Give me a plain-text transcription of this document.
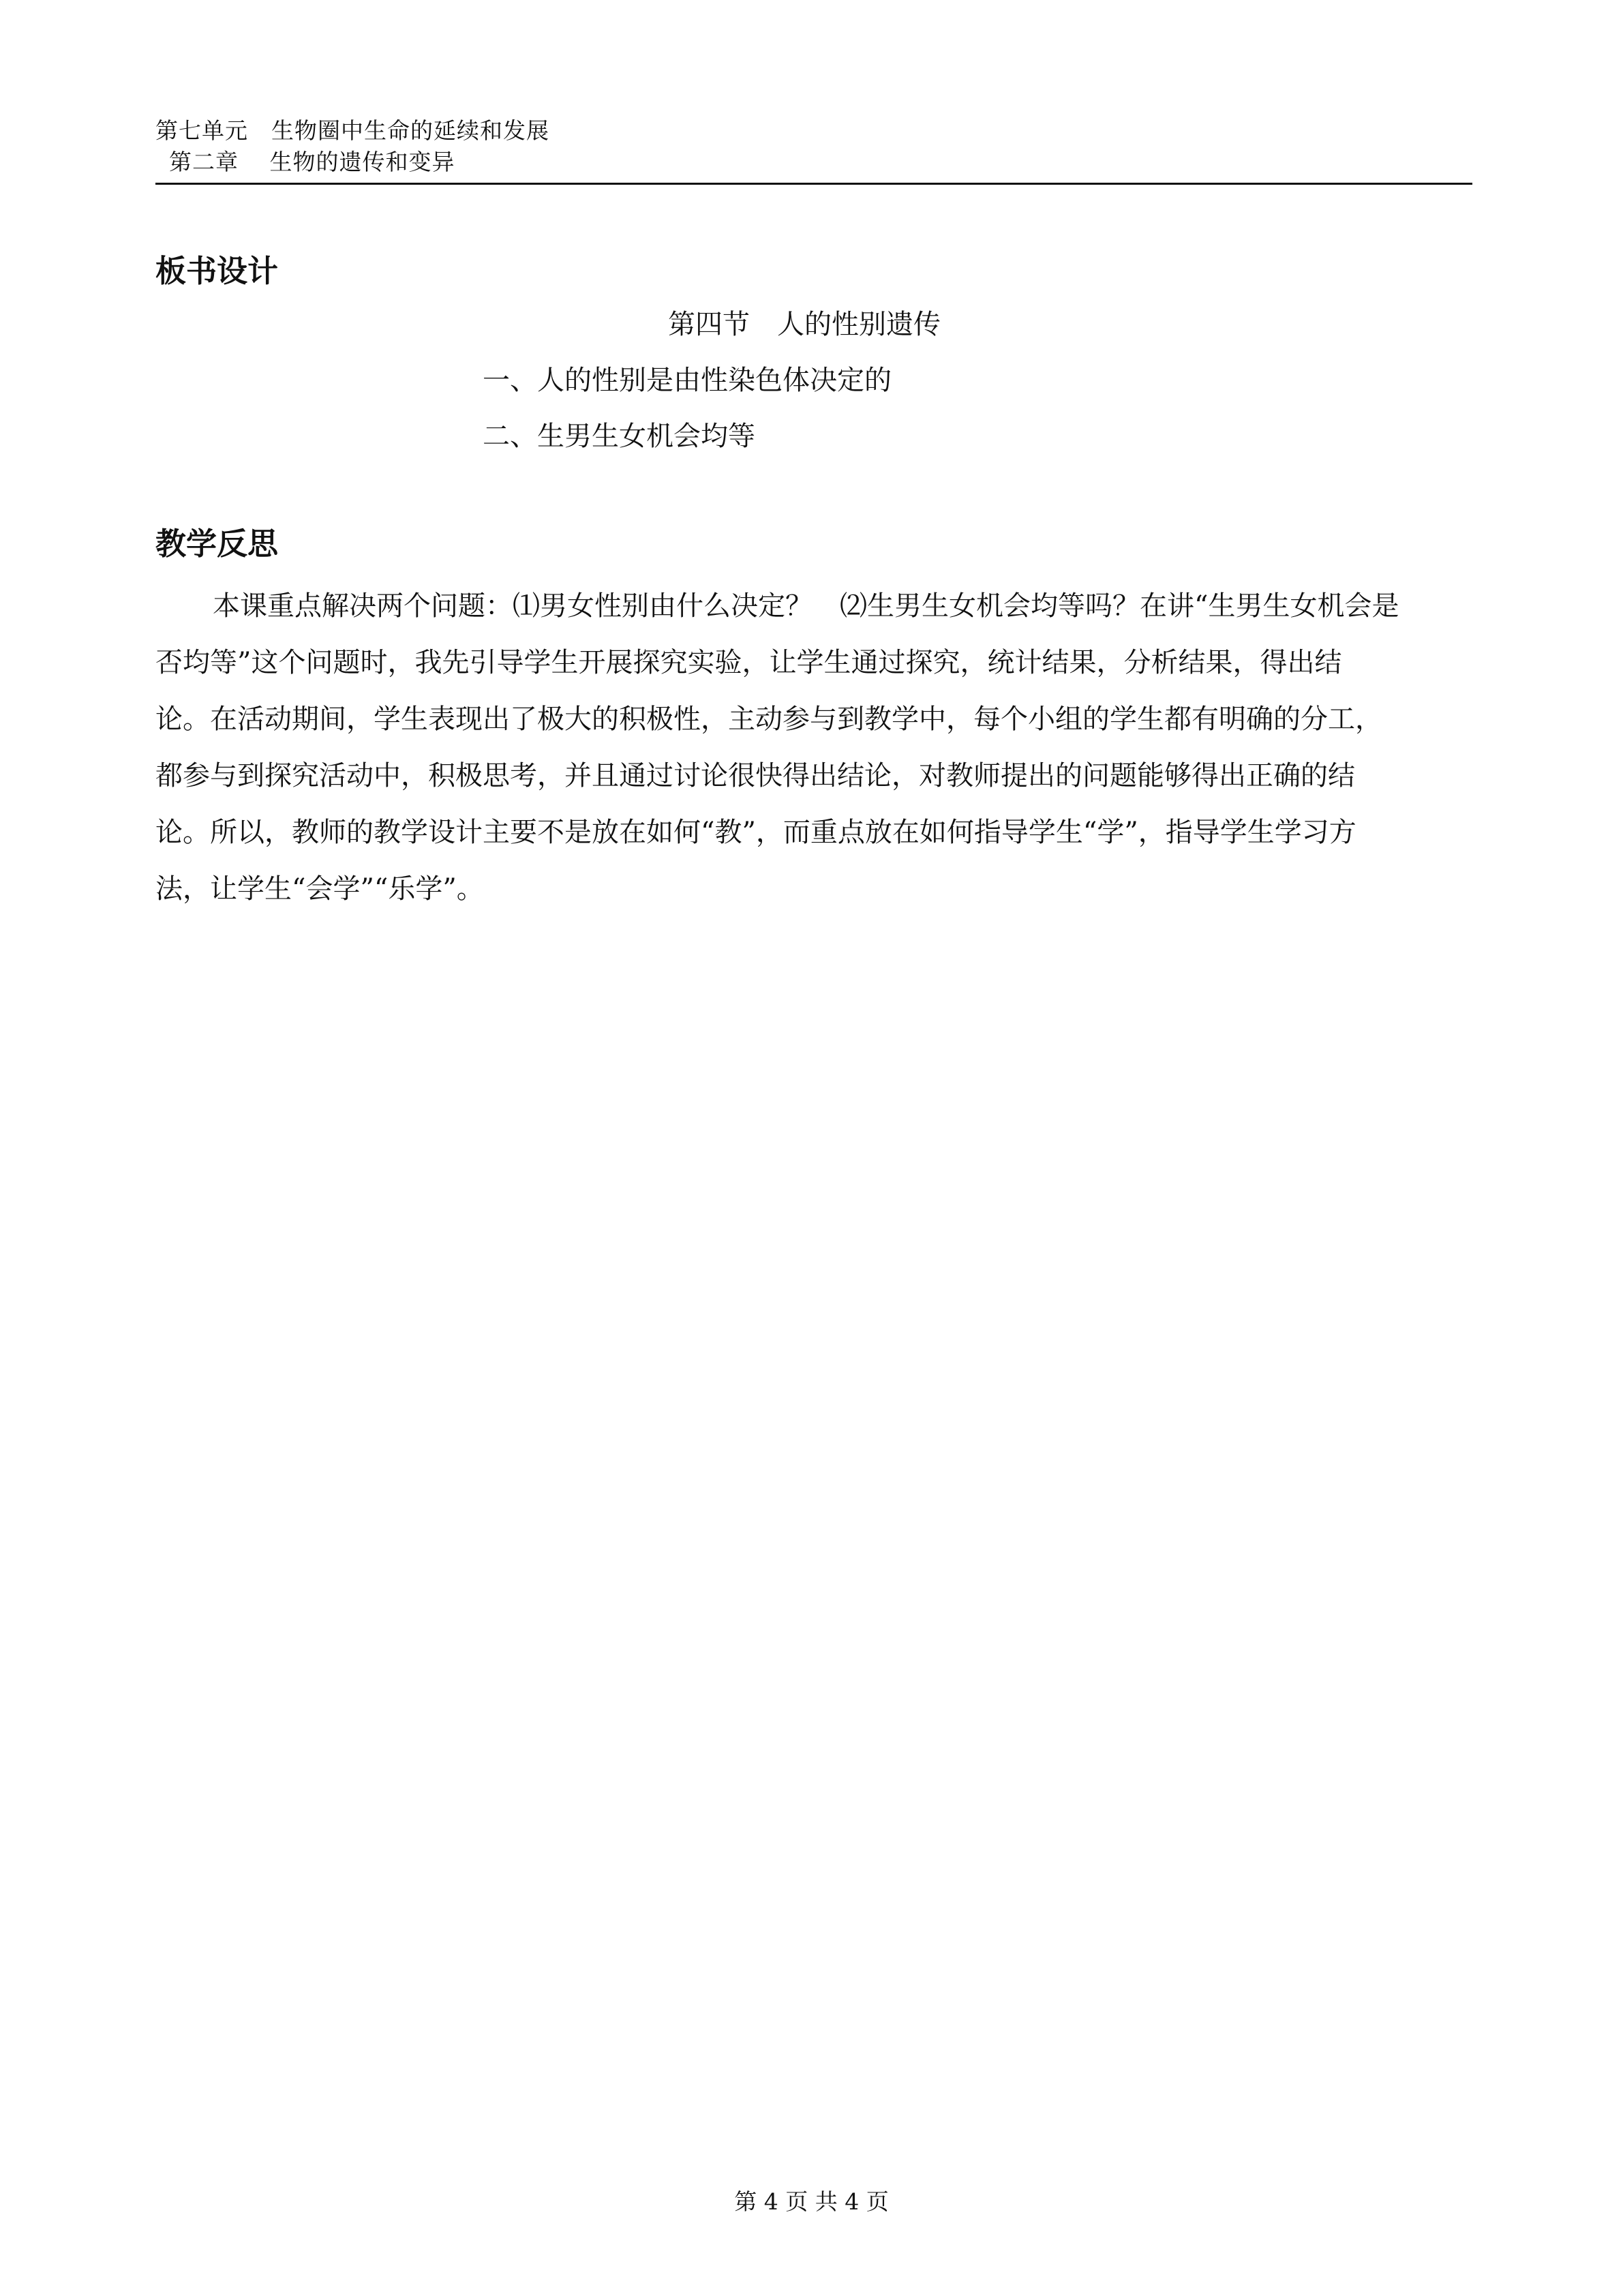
第七单元　生物圈中生命的延续和发展
第二章　 生物的遗传和变异
板书设计
第四节　人的性别遗传
一、人的性别是由性染色体决定的
二、生男生女机会均等
教学反思
本课重点解决两个问题：⑴男女性别由什么决定？　⑵生男生女机会均等吗？在讲“生男生女机会是
否均等”这个问题时，我先引导学生开展探究实验，让学生通过探究，统计结果，分析结果，得出结
论。在活动期间，学生表现出了极大的积极性，主动参与到教学中，每个小组的学生都有明确的分工，
都参与到探究活动中，积极思考，并且通过讨论很快得出结论，对教师提出的问题能够得出正确的结
论。所以，教师的教学设计主要不是放在如何“教”，而重点放在如何指导学生“学”，指导学生学习方
法，让学生“会学”“乐学”。
第 4 页 共 4 页
